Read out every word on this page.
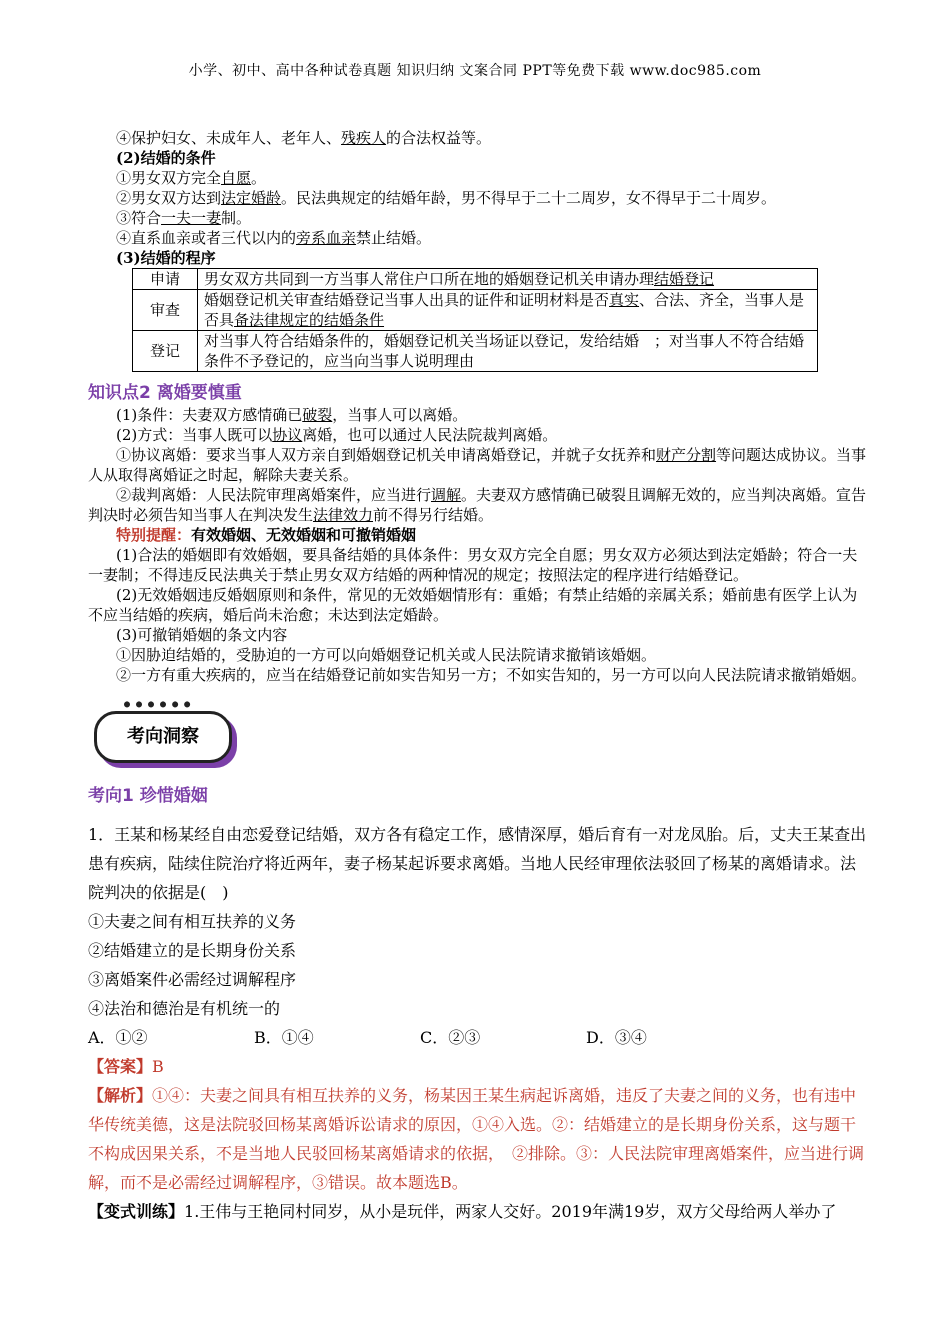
小学、初中、高中各种试卷真题 知识归纳 文案合同 PPT等免费下载 www.doc985.com

④保护妇女、未成年人、老年人、残疾人的合法权益等。

(2)结婚的条件

①男女双方完全自愿。

②男女双方达到法定婚龄。民法典规定的结婚年龄，男不得早于二十二周岁，女不得早于二十周岁。

③符合一夫一妻制。

④直系血亲或者三代以内的旁系血亲禁止结婚。

(3)结婚的程序

申请	男女双方共同到一方当事人常住户口所在地的婚姻登记机关申请办理结婚登记
审查	婚姻登记机关审查结婚登记当事人出具的证件和证明材料是否真实、合法、齐全，当事人是否具备法律规定的结婚条件
登记	对当事人符合结婚条件的，婚姻登记机关当场证以登记，发给结婚　；对当事人不符合结婚条件不予登记的，应当向当事人说明理由
知识点2 离婚要慎重

(1)条件：夫妻双方感情确已破裂，当事人可以离婚。

(2)方式：当事人既可以协议离婚，也可以通过人民法院裁判离婚。

①协议离婚：要求当事人双方亲自到婚姻登记机关申请离婚登记，并就子女抚养和财产分割等问题达成协议。当事人从取得离婚证之时起，解除夫妻关系。

②裁判离婚：人民法院审理离婚案件，应当进行调解。夫妻双方感情确已破裂且调解无效的，应当判决离婚。宣告判决时必须告知当事人在判决发生法律效力前不得另行结婚。

特别提醒：有效婚姻、无效婚姻和可撤销婚姻

(1)合法的婚姻即有效婚姻，要具备结婚的具体条件：男女双方完全自愿；男女双方必须达到法定婚龄；符合一夫一妻制；不得违反民法典关于禁止男女双方结婚的两种情况的规定；按照法定的程序进行结婚登记。

(2)无效婚姻违反婚姻原则和条件，常见的无效婚姻情形有：重婚；有禁止结婚的亲属关系；婚前患有医学上认为不应当结婚的疾病，婚后尚未治愈；未达到法定婚龄。

(3)可撤销婚姻的条文内容

①因胁迫结婚的，受胁迫的一方可以向婚姻登记机关或人民法院请求撤销该婚姻。

②一方有重大疾病的，应当在结婚登记前如实告知另一方；不如实告知的，另一方可以向人民法院请求撤销婚姻。

●●●●●●
考向洞察
考向1 珍惜婚姻

1．王某和杨某经自由恋爱登记结婚，双方各有稳定工作，感情深厚，婚后育有一对龙凤胎。后，丈夫王某查出患有疾病，陆续住院治疗将近两年，妻子杨某起诉要求离婚。当地人民经审理依法驳回了杨某的离婚请求。法院判决的依据是(　)

①夫妻之间有相互扶养的义务

②结婚建立的是长期身份关系

③离婚案件必需经过调解程序

④法治和德治是有机统一的

A．①②	B．①④	C．②③	D．③④

【答案】B

【解析】①④：夫妻之间具有相互扶养的义务，杨某因王某生病起诉离婚，违反了夫妻之间的义务，也有违中华传统美德，这是法院驳回杨某离婚诉讼请求的原因，①④入选。②：结婚建立的是长期身份关系，这与题干不构成因果关系，不是当地人民驳回杨某离婚请求的依据，　②排除。③：人民法院审理离婚案件，应当进行调解，而不是必需经过调解程序，③错误。故本题选B。

【变式训练】1.王伟与王艳同村同岁，从小是玩伴，两家人交好。2019年满19岁，双方父母给两人举办了
